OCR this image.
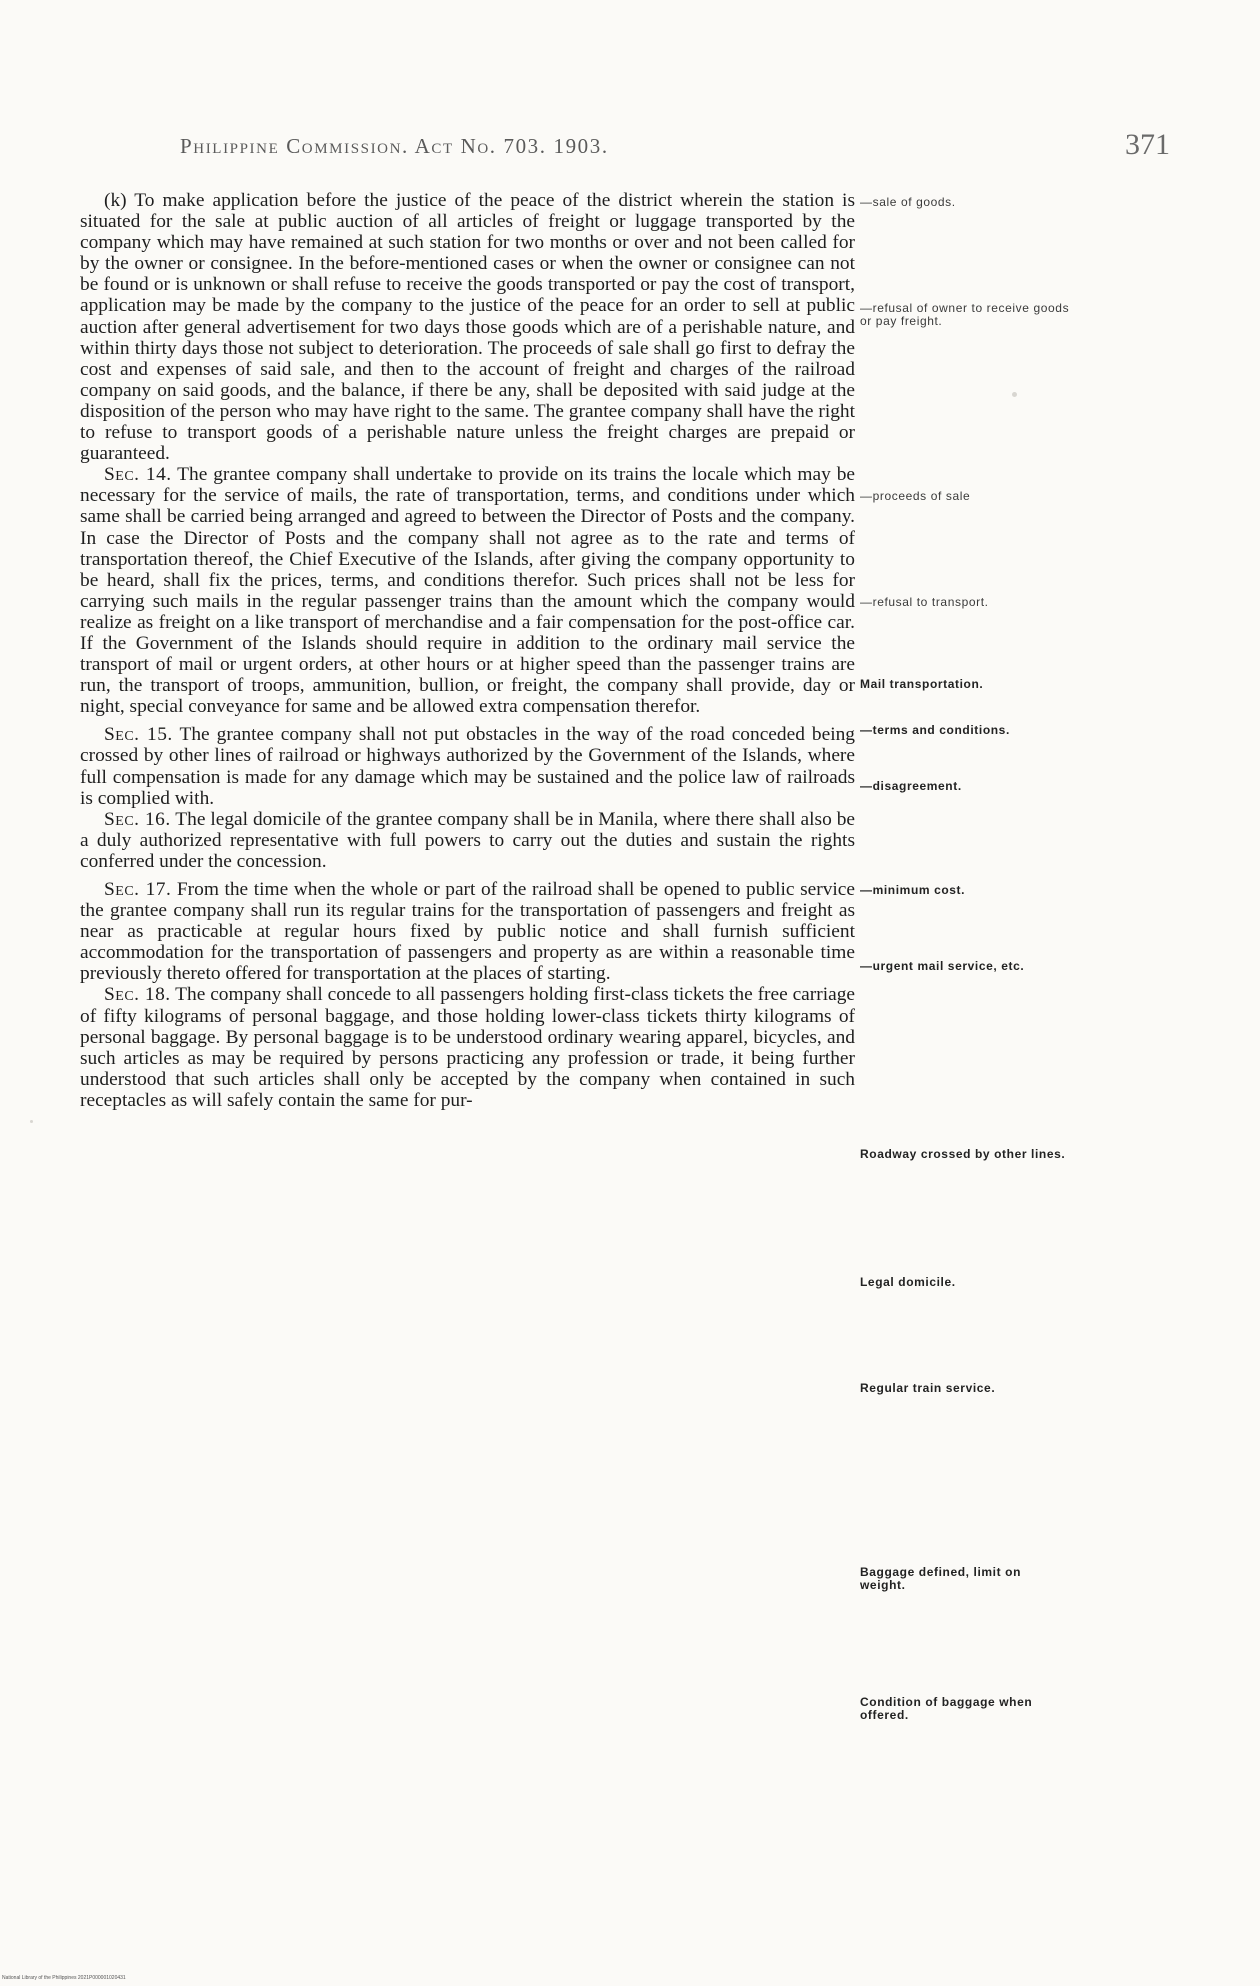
Philippine Commission. Act No. 703. 1903.	371

(k) To make application before the justice of the peace of the district wherein the station is situated for the sale at public auction of all articles of freight or luggage transported by the company which may have remained at such station for two months or over and not been called for by the owner or consignee. In the before-mentioned cases or when the owner or consignee can not be found or is unknown or shall refuse to receive the goods transported or pay the cost of transport, application may be made by the company to the justice of the peace for an order to sell at public auction after general advertisement for two days those goods which are of a perishable nature, and within thirty days those not subject to deterioration. The proceeds of sale shall go first to defray the cost and expenses of said sale, and then to the account of freight and charges of the railroad company on said goods, and the balance, if there be any, shall be deposited with said judge at the disposition of the person who may have right to the same. The grantee company shall have the right to refuse to transport goods of a perishable nature unless the freight charges are prepaid or guaranteed.

Sec. 14. The grantee company shall undertake to provide on its trains the locale which may be necessary for the service of mails, the rate of transportation, terms, and conditions under which same shall be carried being arranged and agreed to between the Director of Posts and the company. In case the Director of Posts and the company shall not agree as to the rate and terms of transportation thereof, the Chief Executive of the Islands, after giving the company opportunity to be heard, shall fix the prices, terms, and conditions therefor. Such prices shall not be less for carrying such mails in the regular passenger trains than the amount which the company would realize as freight on a like transport of merchandise and a fair compensation for the post-office car. If the Government of the Islands should require in addition to the ordinary mail service the transport of mail or urgent orders, at other hours or at higher speed than the passenger trains are run, the transport of troops, ammunition, bullion, or freight, the company shall provide, day or night, special conveyance for same and be allowed extra compensation therefor.

Sec. 15. The grantee company shall not put obstacles in the way of the road conceded being crossed by other lines of railroad or highways authorized by the Government of the Islands, where full compensation is made for any damage which may be sustained and the police law of railroads is complied with.

Sec. 16. The legal domicile of the grantee company shall be in Manila, where there shall also be a duly authorized representative with full powers to carry out the duties and sustain the rights conferred under the concession.

Sec. 17. From the time when the whole or part of the railroad shall be opened to public service the grantee company shall run its regular trains for the transportation of passengers and freight as near as practicable at regular hours fixed by public notice and shall furnish sufficient accommodation for the transportation of passengers and property as are within a reasonable time previously thereto offered for transportation at the places of starting.

Sec. 18. The company shall concede to all passengers holding first-class tickets the free carriage of fifty kilograms of personal baggage, and those holding lower-class tickets thirty kilograms of personal baggage. By personal baggage is to be understood ordinary wearing apparel, bicycles, and such articles as may be required by persons practicing any profession or trade, it being further understood that such articles shall only be accepted by the company when contained in such receptacles as will safely contain the same for pur-

—sale of goods.
—refusal of owner to receive goods or pay freight.
—proceeds of sale
—refusal to transport.
Mail transportation.
—terms and conditions.
—disagreement.
—minimum cost.
—urgent mail service, etc.
Roadway crossed by other lines.
Legal domicile.
Regular train service.
Baggage defined, limit on weight.
Condition of baggage when offered.
National Library of the Philippines 2021P000001020431
